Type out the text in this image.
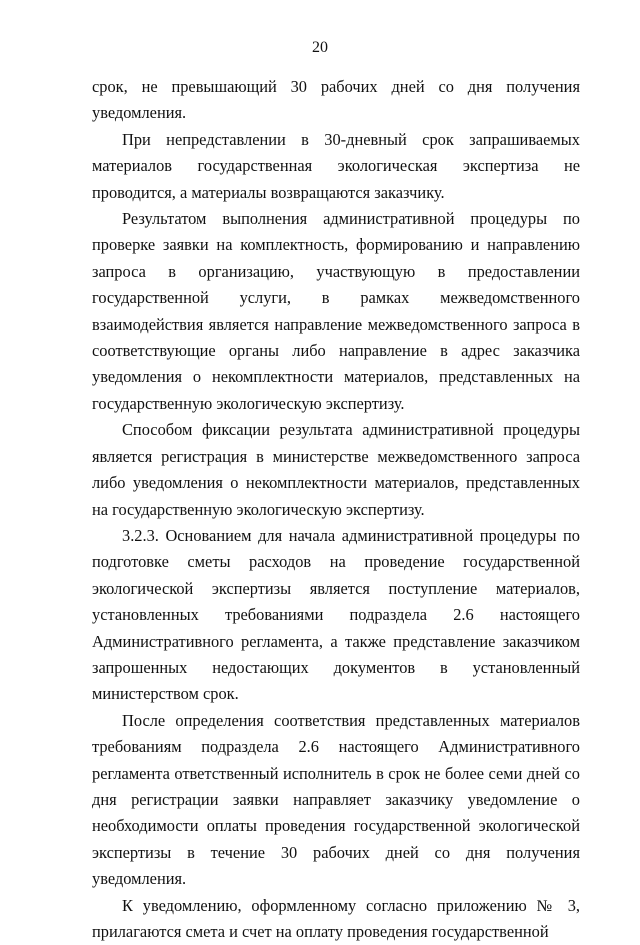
20

срок, не превышающий 30 рабочих дней со дня получения уведомления.

При непредставлении в 30-дневный срок запрашиваемых материалов государственная экологическая экспертиза не проводится, а материалы возвращаются заказчику.

Результатом выполнения административной процедуры по проверке заявки на комплектность, формированию и направлению запроса в организацию, участвующую в предоставлении государственной услуги, в рамках межведомственного взаимодействия является направление межведомственного запроса в соответствующие органы либо направление в адрес заказчика уведомления о некомплектности материалов, представленных на государственную экологическую экспертизу.

Способом фиксации результата административной процедуры является регистрация в министерстве межведомственного запроса либо уведомления о некомплектности материалов, представленных на государственную экологическую экспертизу.

3.2.3. Основанием для начала административной процедуры по подготовке сметы расходов на проведение государственной экологической экспертизы является поступление материалов, установленных требованиями подраздела 2.6 настоящего Административного регламента, а также представление заказчиком запрошенных недостающих документов в установленный министерством срок.

После определения соответствия представленных материалов требованиям подраздела 2.6 настоящего Административного регламента ответственный исполнитель в срок не более семи дней со дня регистрации заявки направляет заказчику уведомление о необходимости оплаты проведения государственной экологической экспертизы в течение 30 рабочих дней со дня получения уведомления.

К уведомлению, оформленному согласно приложению № 3, прилагаются смета и счет на оплату проведения государственной
